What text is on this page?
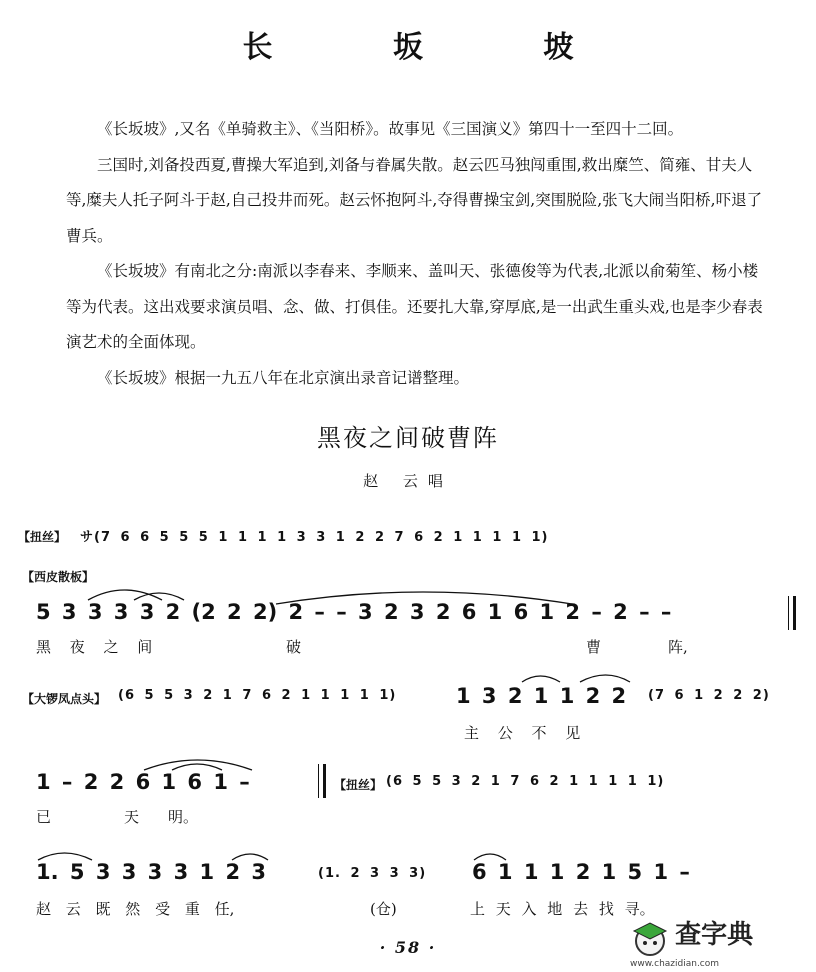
长 坂 坡

《长坂坡》,又名《单骑救主》、《当阳桥》。故事见《三国演义》第四十一至四十二回。

三国时,刘备投西夏,曹操大军追到,刘备与眷属失散。赵云匹马独闯重围,救出糜竺、简雍、甘夫人等,糜夫人托子阿斗于赵,自己投井而死。赵云怀抱阿斗,夺得曹操宝剑,突围脱险,张飞大闹当阳桥,吓退了曹兵。

《长坂坡》有南北之分:南派以李春来、李顺来、盖叫天、张德俊等为代表,北派以俞菊笙、杨小楼等为代表。这出戏要求演员唱、念、做、打俱佳。还要扎大靠,穿厚底,是一出武生重头戏,也是李少春表演艺术的全面体现。

《长坂坡》根据一九五八年在北京演出录音记谱整理。

黑夜之间破曹阵
赵 云唱
【扭丝】 サ(7 6 6 5 5 5 1 1 1 1 3 3 1 2 2 7 6 2 1 1 1 1 1)
【西皮散板】
5 3 3 3 3 2 (2 2 2) 2 – – 3 2 3 2 6 1 6 1 2 – 2 – –
黑 夜 之 间	破	曹	阵,
【大锣凤点头】 (6 5 5 3 2 1 7 6 2 1 1 1 1 1)	1 3 2 1 1 2 2 (7 6 1 2 2 2)
主 公 不 见
1 – 2 2 6 1 6 1 –	【扭丝】 (6 5 5 3 2 1 7 6 2 1 1 1 1 1)
已	天 明。
1. 5 3 3 3 3 1 2 3	(1. 2 3 3 3) 6 1 1 1 2 1 5 1 –
赵 云 既 然 受 重 任,	(仓)	上 天 入 地 去 找 寻。
· 58 ·	查字典
www.chazidian.com
